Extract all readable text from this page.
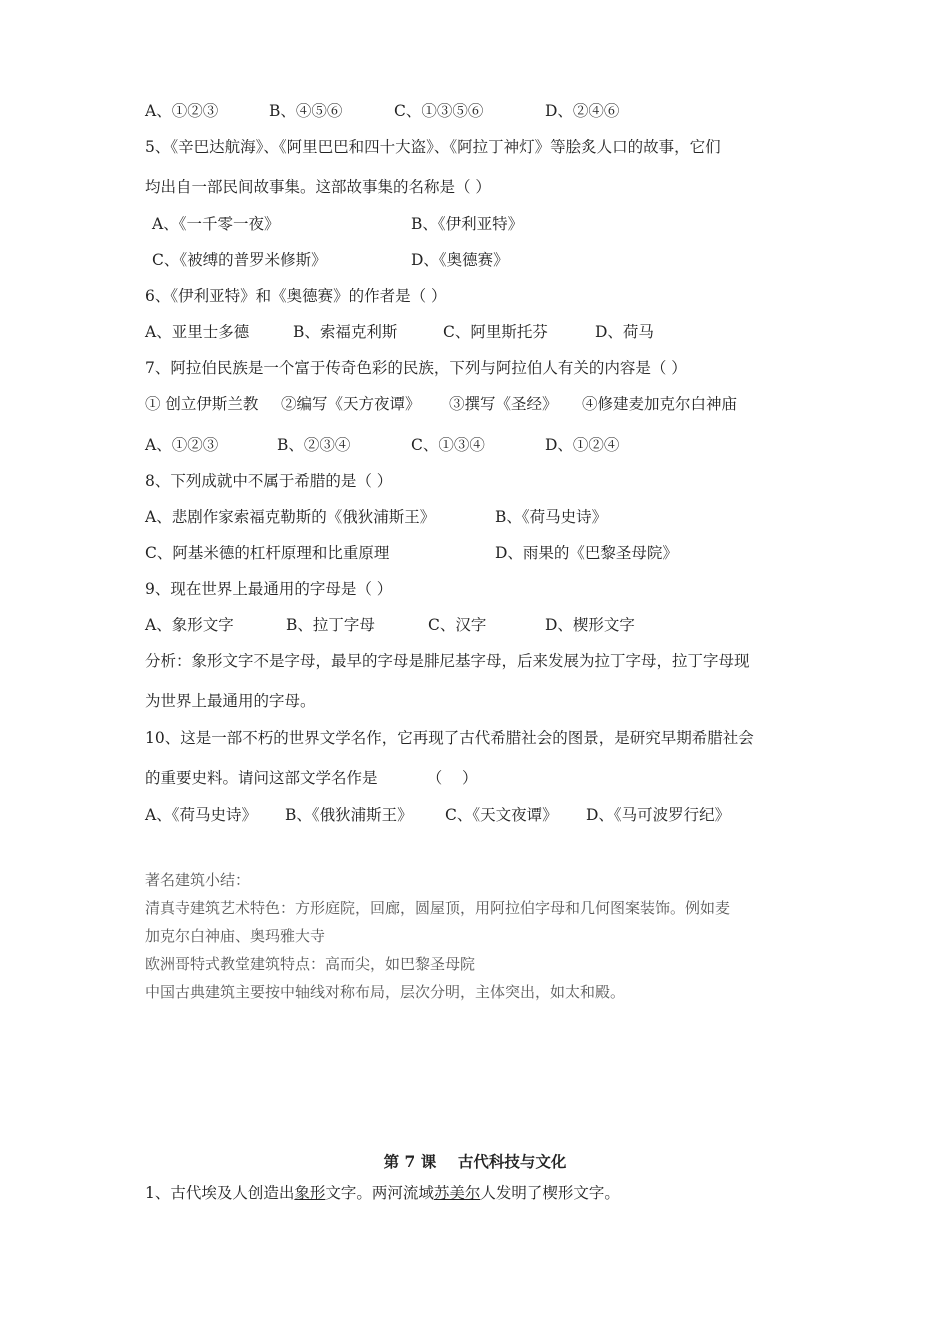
A、①②③	B、④⑤⑥	C、①③⑤⑥	D、②④⑥
5、《辛巴达航海》、《阿里巴巴和四十大盗》、《阿拉丁神灯》等脍炙人口的故事，它们
均出自一部民间故事集。这部故事集的名称是（ ）
A、《一千零一夜》	B、《伊利亚特》
C、《被缚的普罗米修斯》	D、《奥德赛》
6、《伊利亚特》和《奥德赛》的作者是（ ）
A、亚里士多德	B、索福克利斯	C、阿里斯托芬	D、荷马
7、阿拉伯民族是一个富于传奇色彩的民族，下列与阿拉伯人有关的内容是（ ）
① 创立伊斯兰教 ②编写《天方夜谭》 ③撰写《圣经》 ④修建麦加克尔白神庙
A、①②③	B、②③④	C、①③④	D、①②④
8、下列成就中不属于希腊的是（ ）
A、悲剧作家索福克勒斯的《俄狄浦斯王》	B、《荷马史诗》
C、阿基米德的杠杆原理和比重原理	D、雨果的《巴黎圣母院》
9、现在世界上最通用的字母是（ ）
A、象形文字	B、拉丁字母	C、汉字	D、楔形文字
分析：象形文字不是字母，最早的字母是腓尼基字母，后来发展为拉丁字母，拉丁字母现
为世界上最通用的字母。
10、这是一部不朽的世界文学名作，它再现了古代希腊社会的图景，是研究早期希腊社会
的重要史料。请问这部文学名作是          （    ）
A、《荷马史诗》 B、《俄狄浦斯王》 C、《天文夜谭》 D、《马可波罗行纪》
著名建筑小结：
清真寺建筑艺术特色：方形庭院，回廊，圆屋顶，用阿拉伯字母和几何图案装饰。例如麦
加克尔白神庙、奥玛雅大寺
欧洲哥特式教堂建筑特点：高而尖，如巴黎圣母院
中国古典建筑主要按中轴线对称布局，层次分明，主体突出，如太和殿。
第 7 课    古代科技与文化
1、古代埃及人创造出象形文字。两河流域苏美尔人发明了楔形文字。
